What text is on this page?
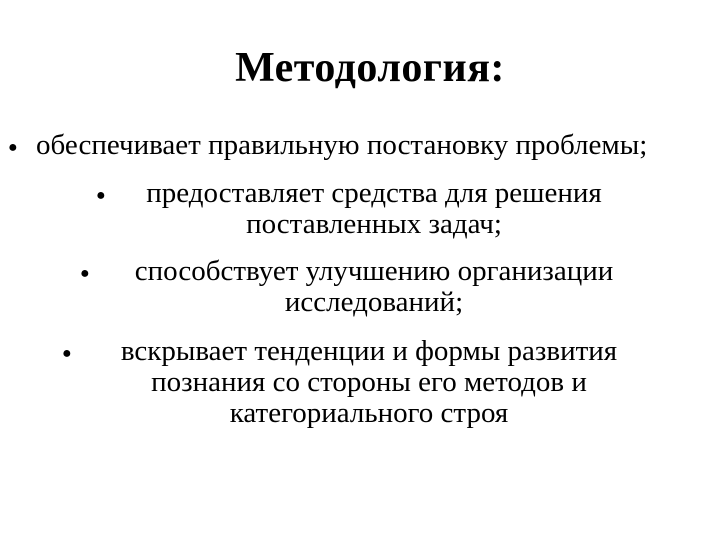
Методология:
● обеспечивает правильную постановку проблемы;
●	предоставляет средства для решения
поставленных задач;
●	способствует улучшению организации
исследований;
●	вскрывает тенденции и формы развития
познания со стороны его методов и
категориального строя
